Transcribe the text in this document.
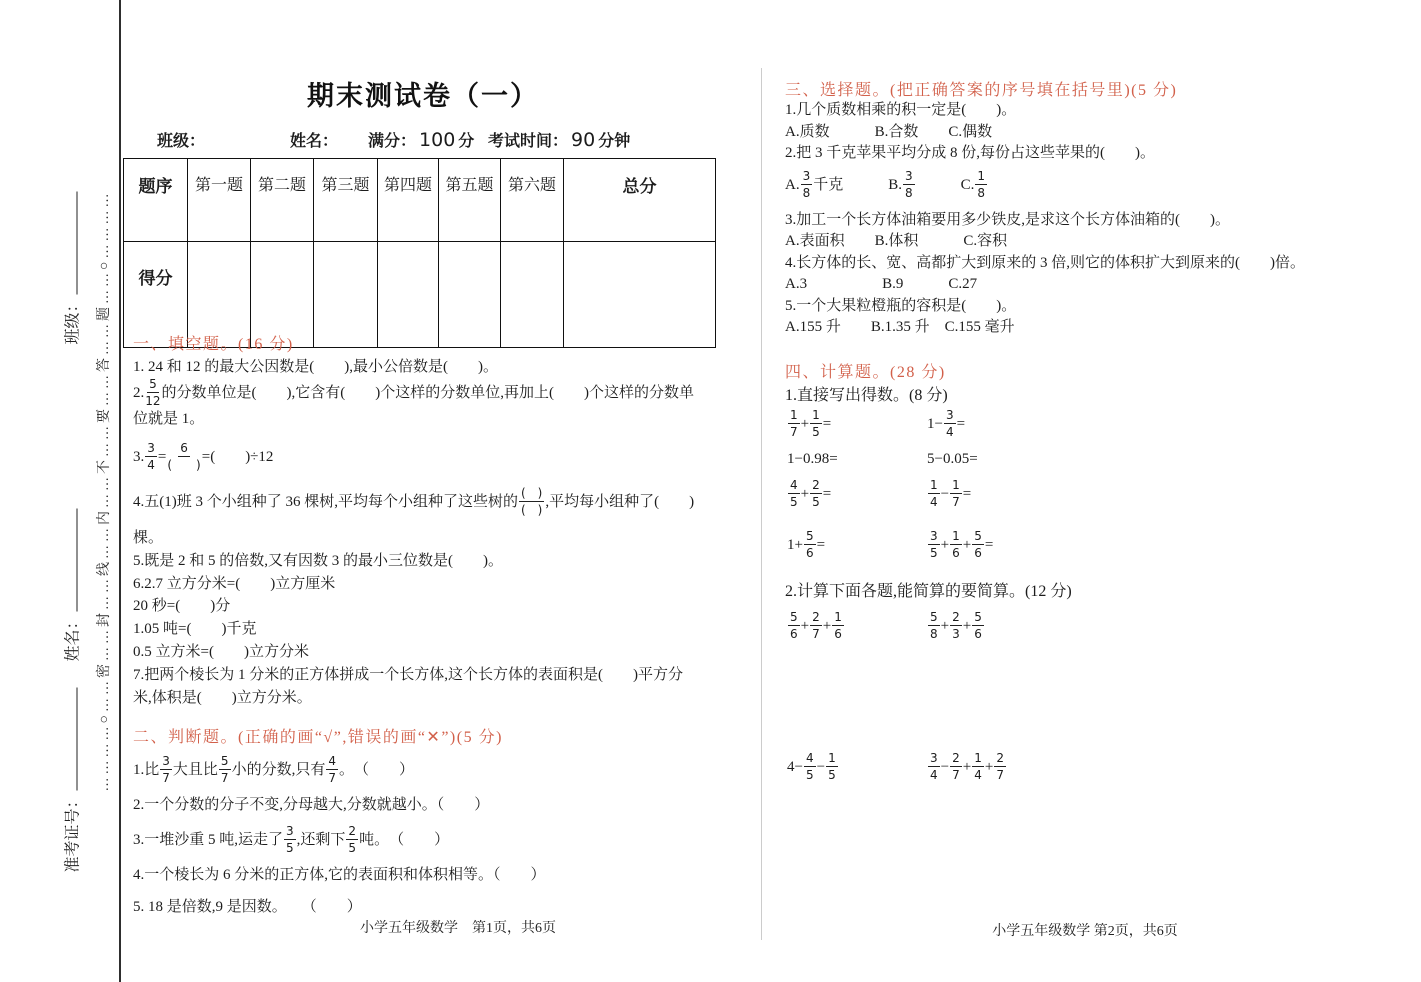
班级：
姓名：
准考证号：
…………○……密……封……线……内……不……要……答……题……○…………
期末测试卷（一）
班级：	姓名： 满分： 100 分 考试时间： 90 分钟
题序	第一题	第二题	第三题	第四题	第五题	第六题	总分
得分							
一、填空题。(16 分)
1. 24 和 12 的最大公因数是(　　),最小公倍数是(　　)。
2. $\frac{5}{12}$ 的分数单位是(　　),它含有(　　)个这样的分数单位,再加上(　　)个这样的分数单
位就是 1。
3. $\frac{3}{4} = \frac{6}{( )}$ =(　　)÷12
4.五(1)班 3 个小组种了 36 棵树,平均每个小组种了这些树的 $\frac{( )}{( )}$ ,平均每小组种了(　　)
棵。
5.既是 2 和 5 的倍数,又有因数 3 的最小三位数是(　　)。
6.2.7 立方分米=(　　)立方厘米
20 秒=(　　)分
1.05 吨=(　　)千克
0.5 立方米=(　　)立方分米
7.把两个棱长为 1 分米的正方体拼成一个长方体,这个长方体的表面积是(　　)平方分
米,体积是(　　)立方分米。
二、判断题。(正确的画“√”,错误的画“✕”)(5 分)
1.比 $\frac{3}{7}$ 大且比 $\frac{5}{7}$ 小的分数,只有 $\frac{4}{7}$ 。　（　　）
2.一个分数的分子不变,分母越大,分数就越小。（　　）
3.一堆沙重 5 吨,运走了 $\frac{3}{5}$ ,还剩下 $\frac{2}{5}$ 吨。　（　　）
4.一个棱长为 6 分米的正方体,它的表面积和体积相等。（　　）
5. 18 是倍数,9 是因数。　　（　　）
小学五年级数学　第1页，共6页
三、选择题。(把正确答案的序号填在括号里)(5 分)
1.几个质数相乘的积一定是(　　)。
A.质数　　　B.合数　　C.偶数
2.把 3 千克苹果平均分成 8 份,每份占这些苹果的(　　)。
A. $\frac{3}{8}$ 千克　　　B. $\frac{3}{8}$ 　　　C. $\frac{1}{8}$
3.加工一个长方体油箱要用多少铁皮,是求这个长方体油箱的(　　)。
A.表面积　　B.体积　　　C.容积
4.长方体的长、宽、高都扩大到原来的 3 倍,则它的体积扩大到原来的(　　)倍。
A.3　　　　　B.9　　　C.27
5.一个大果粒橙瓶的容积是(　　)。
A.155 升　　B.1.35 升　C.155 毫升
四、计算题。(28 分)
1.直接写出得数。(8 分)
$\frac{1}{7} + \frac{1}{5}$ =	$1- \frac{3}{4}$ =
1−0.98=	5−0.05=
$\frac{4}{5} + \frac{2}{5}$ =	$\frac{1}{4} - \frac{1}{7}$ =
$1+ \frac{5}{6}$ =	$\frac{3}{5} + \frac{1}{6} + \frac{5}{6}$ =
2.计算下面各题,能简算的要简算。(12 分)
$\frac{5}{6} + \frac{2}{7} + \frac{1}{6}$	$\frac{5}{8} + \frac{2}{3} + \frac{5}{6}$
$4- \frac{4}{5} - \frac{1}{5}$	$\frac{3}{4} - \frac{2}{7} + \frac{1}{4} + \frac{2}{7}$
小学五年级数学 第2页，共6页
